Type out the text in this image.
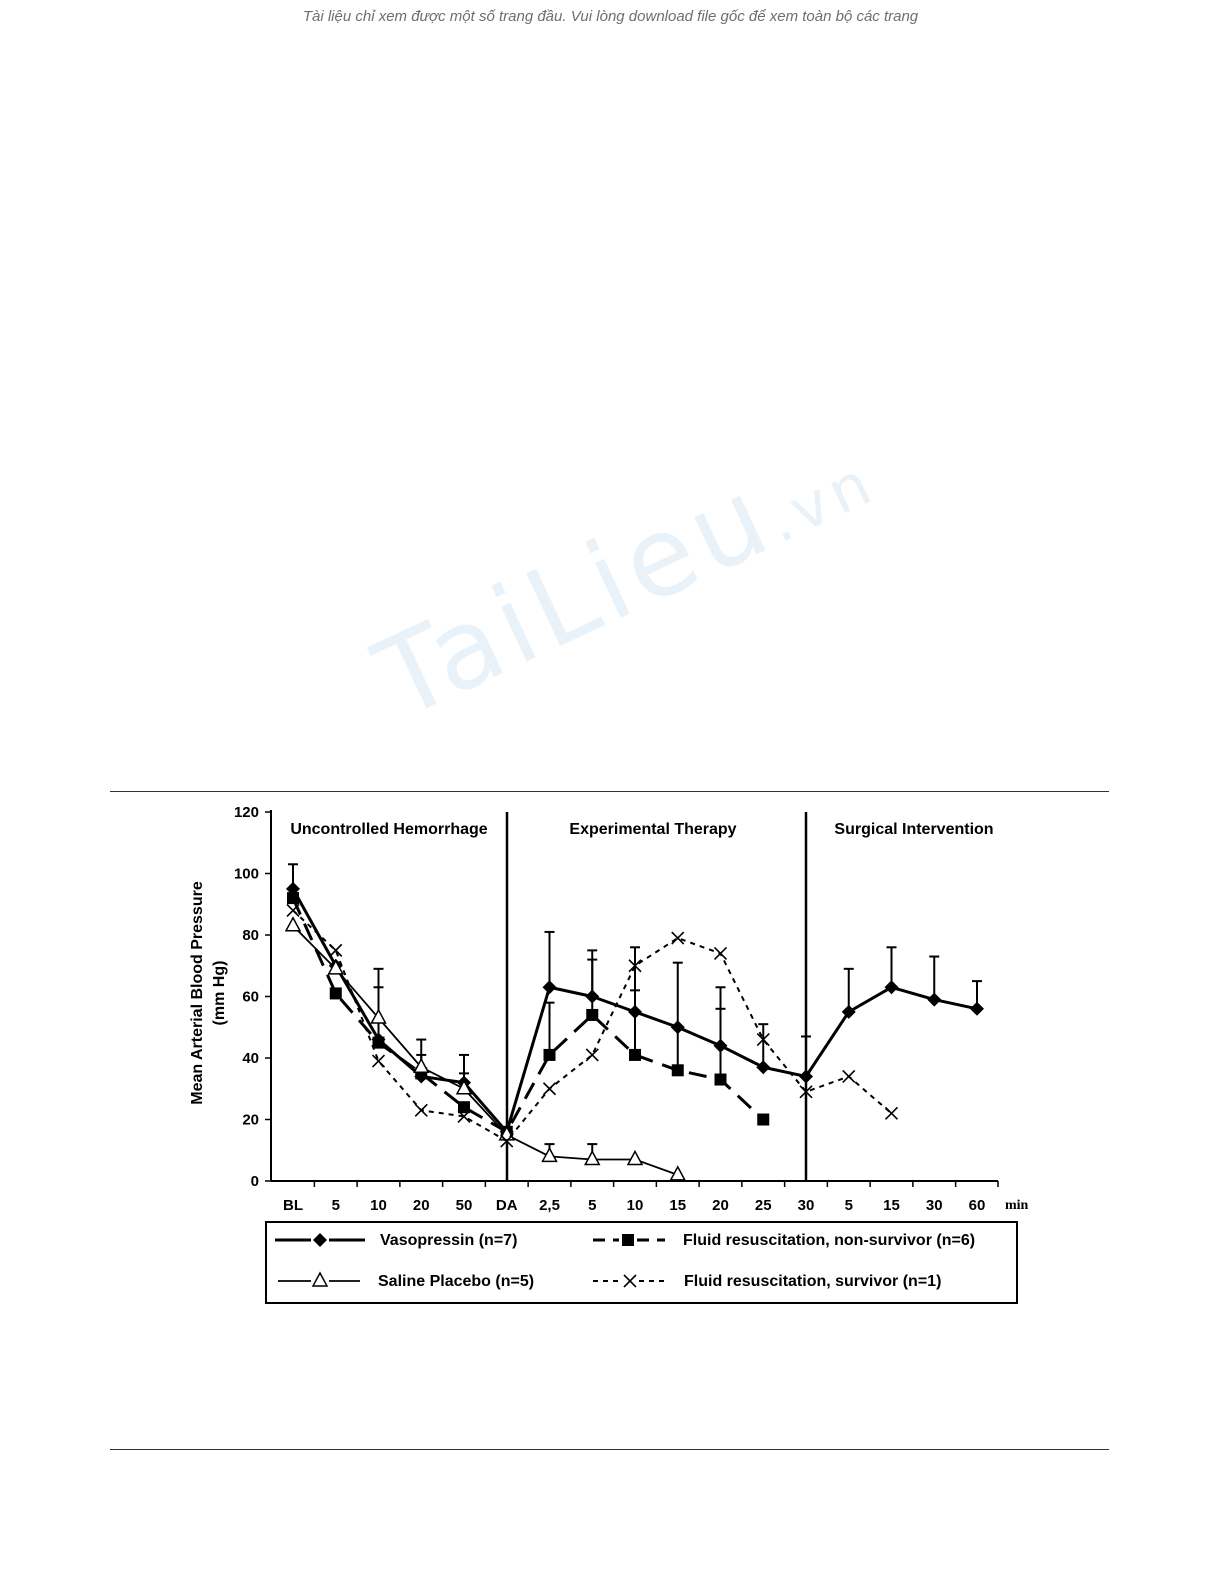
Tài liệu chỉ xem được một số trang đầu. Vui lòng download file gốc để xem toàn bộ các trang
TaiLieu.vn
0
20
40
60
80
100
120
BL 5 10 20 50 DA 2,5 5 10 15 20 25 30 5 15 30 60 min
Mean Arterial Blood Pressure (mm Hg)
Uncontrolled Hemorrhage	Experimental Therapy	Surgical Intervention
Vasopressin (n=7)	Fluid resuscitation, non-survivor (n=6)
Saline Placebo (n=5)	Fluid resuscitation, survivor (n=1)
